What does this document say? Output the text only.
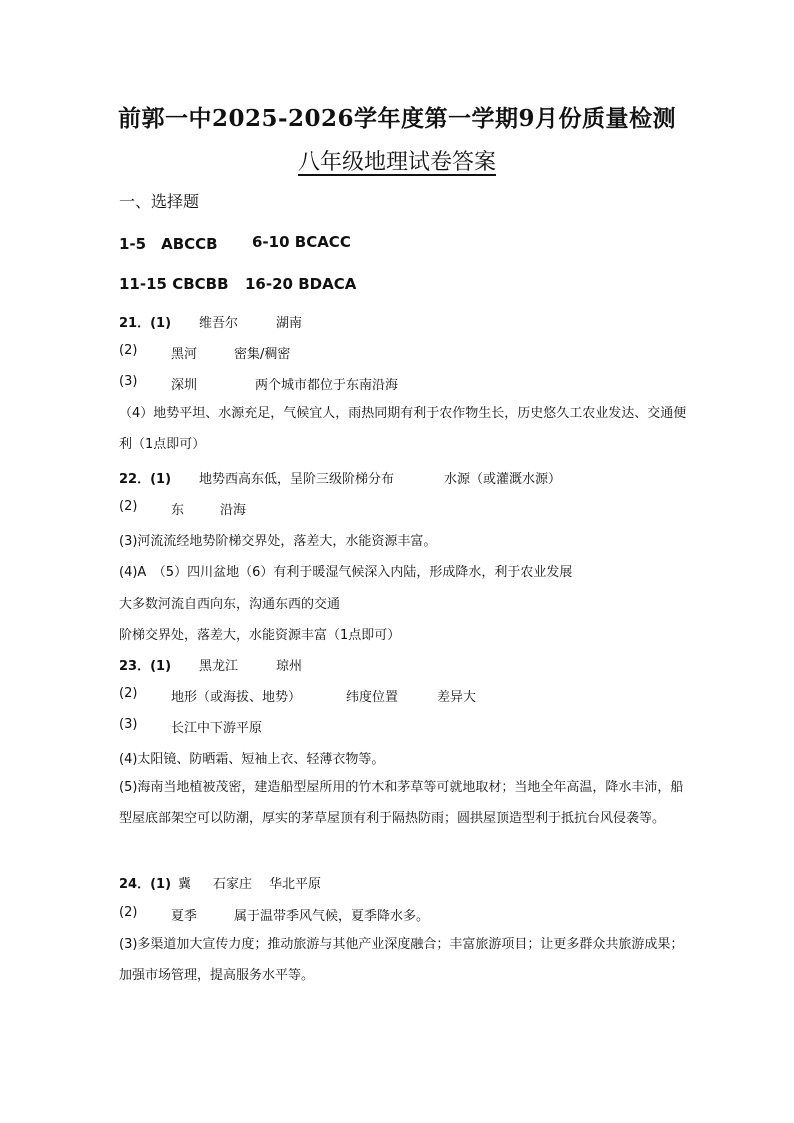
前郭一中2025-2026学年度第一学期9月份质量检测
八年级地理试卷答案
一、选择题
1-5　ABCCB 6-10 BCACC
11-15 CBCBB 16-20 BDACA
21．(1) 维吾尔	湖南
(2)	黑河	密集/稠密
(3)	深圳	两个城市都位于东南沿海
（4）地势平坦、水源充足，气候宜人，雨热同期有利于农作物生长，历史悠久工农业发达、交通便利（1点即可）
22．(1) 地势西高东低，呈阶三级阶梯分布	水源（或灌溉水源）
(2)	东	沿海
(3)河流流经地势阶梯交界处，落差大，水能资源丰富。
(4)A　（5）四川盆地（6）有利于暖湿气候深入内陆，形成降水，利于农业发展
大多数河流自西向东，沟通东西的交通
阶梯交界处，落差大，水能资源丰富（1点即可）
23．(1) 黑龙江	琼州
(2)	地形（或海拔、地势）	纬度位置	差异大
(3)	长江中下游平原
(4)太阳镜、防晒霜、短袖上衣、轻薄衣物等。
(5)海南当地植被茂密，建造船型屋所用的竹木和茅草等可就地取材；当地全年高温，降水丰沛，船型屋底部架空可以防潮，厚实的茅草屋顶有利于隔热防雨；圆拱屋顶造型利于抵抗台风侵袭等。
24．(1) 冀 石家庄 华北平原
(2)	夏季	属于温带季风气候，夏季降水多。
(3)多渠道加大宣传力度；推动旅游与其他产业深度融合；丰富旅游项目；让更多群众共旅游成果；加强市场管理，提高服务水平等。
